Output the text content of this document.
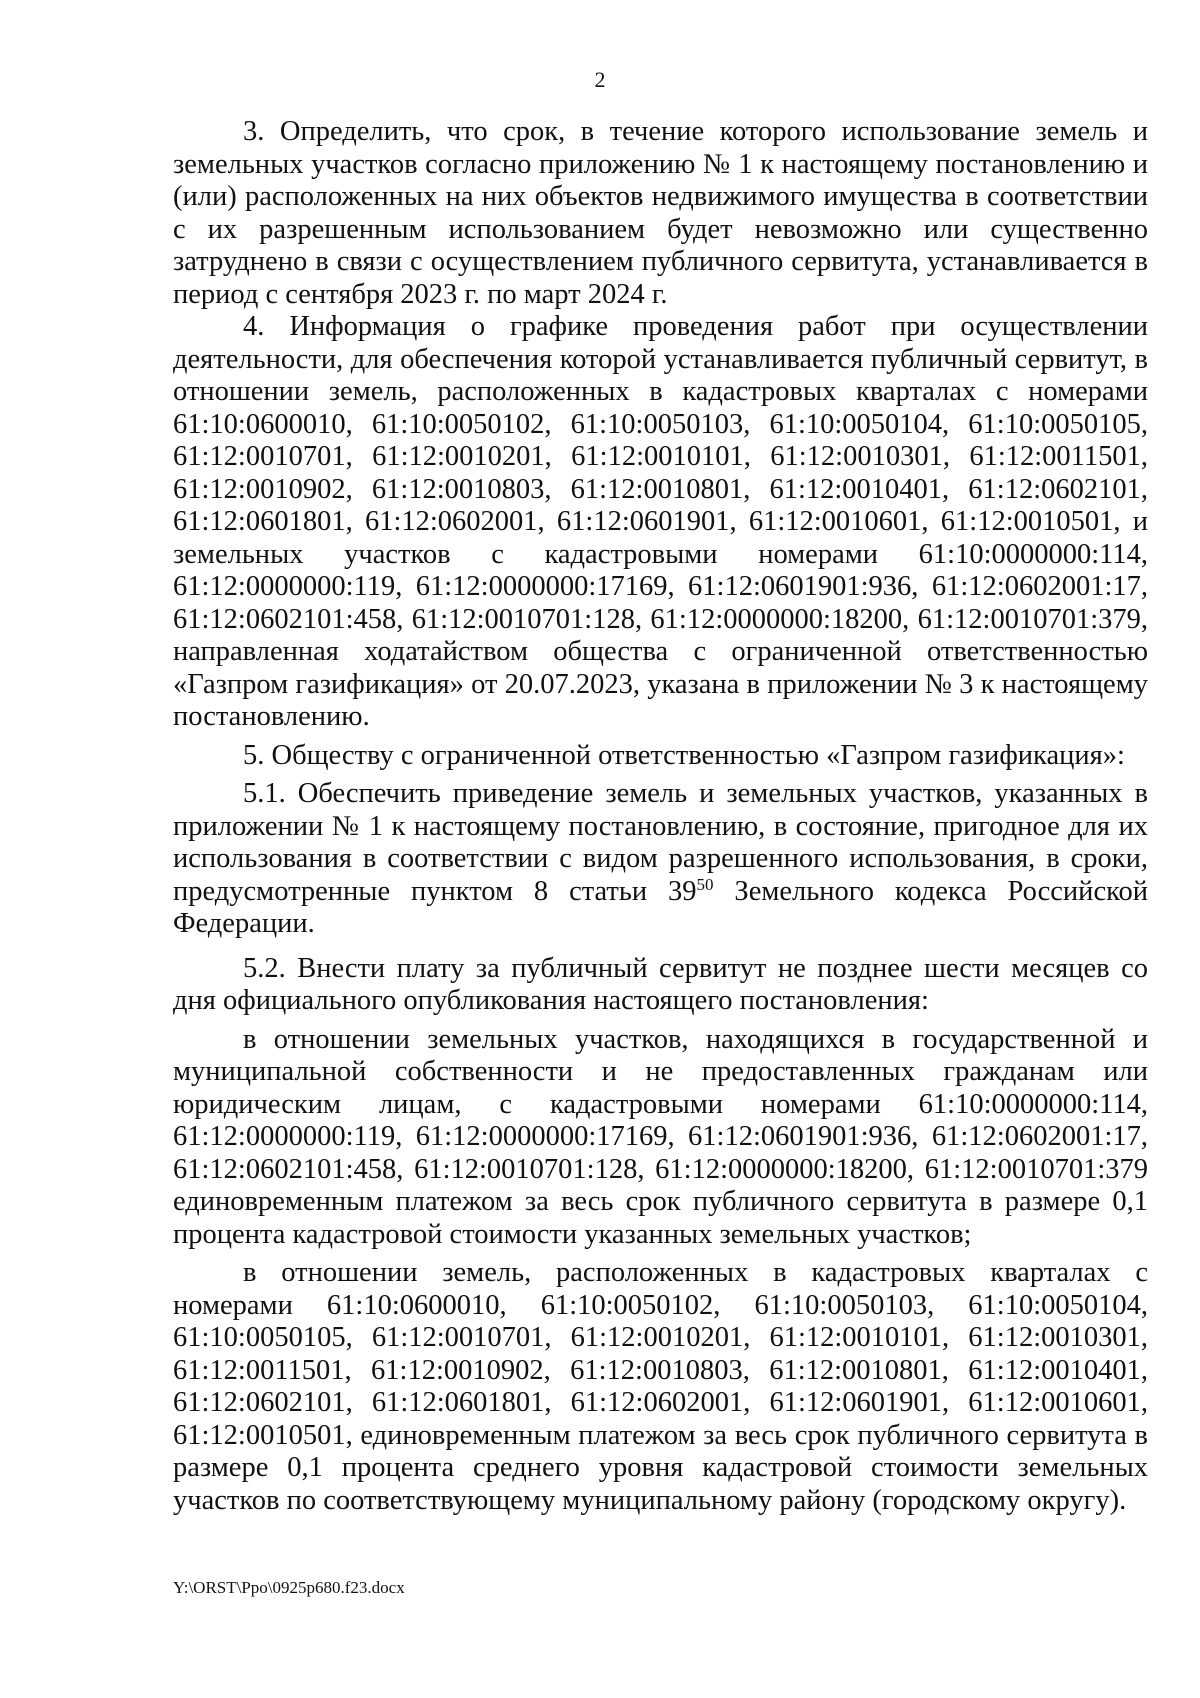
2

3. Определить, что срок, в течение которого использование земель и земельных участков согласно приложению № 1 к настоящему постановлению и (или) расположенных на них объектов недвижимого имущества в соответствии с их разрешенным использованием будет невозможно или существенно затруднено в связи с осуществлением публичного сервитута, устанавливается в период с сентября 2023 г. по март 2024 г.

4. Информация о графике проведения работ при осуществлении деятельности, для обеспечения которой устанавливается публичный сервитут, в отношении земель, расположенных в кадастровых кварталах с номерами 61:10:0600010, 61:10:0050102, 61:10:0050103, 61:10:0050104, 61:10:0050105, 61:12:0010701, 61:12:0010201, 61:12:0010101, 61:12:0010301, 61:12:0011501, 61:12:0010902, 61:12:0010803, 61:12:0010801, 61:12:0010401, 61:12:0602101, 61:12:0601801, 61:12:0602001, 61:12:0601901, 61:12:0010601, 61:12:0010501, и земельных участков с кадастровыми номерами 61:10:0000000:114, 61:12:0000000:119, 61:12:0000000:17169, 61:12:0601901:936, 61:12:0602001:17, 61:12:0602101:458, 61:12:0010701:128, 61:12:0000000:18200, 61:12:0010701:379, направленная ходатайством общества с ограниченной ответственностью «Газпром газификация» от 20.07.2023, указана в приложении № 3 к настоящему постановлению.

5. Обществу с ограниченной ответственностью «Газпром газификация»:

5.1. Обеспечить приведение земель и земельных участков, указанных в приложении № 1 к настоящему постановлению, в состояние, пригодное для их использования в соответствии с видом разрешенного использования, в сроки, предусмотренные пунктом 8 статьи $39^{50}$ Земельного кодекса Российской Федерации.

5.2. Внести плату за публичный сервитут не позднее шести месяцев со дня официального опубликования настоящего постановления:

в отношении земельных участков, находящихся в государственной и муниципальной собственности и не предоставленных гражданам или юридическим лицам, с кадастровыми номерами 61:10:0000000:114, 61:12:0000000:119, 61:12:0000000:17169, 61:12:0601901:936, 61:12:0602001:17, 61:12:0602101:458, 61:12:0010701:128, 61:12:0000000:18200, 61:12:0010701:379 единовременным платежом за весь срок публичного сервитута в размере 0,1 процента кадастровой стоимости указанных земельных участков;

в отношении земель, расположенных в кадастровых кварталах с номерами 61:10:0600010, 61:10:0050102, 61:10:0050103, 61:10:0050104, 61:10:0050105, 61:12:0010701, 61:12:0010201, 61:12:0010101, 61:12:0010301, 61:12:0011501, 61:12:0010902, 61:12:0010803, 61:12:0010801, 61:12:0010401, 61:12:0602101, 61:12:0601801, 61:12:0602001, 61:12:0601901, 61:12:0010601, 61:12:0010501, единовременным платежом за весь срок публичного сервитута в размере 0,1 процента среднего уровня кадастровой стоимости земельных участков по соответствующему муниципальному району (городскому округу).

Y:\ORST\Ppo\0925p680.f23.docx
